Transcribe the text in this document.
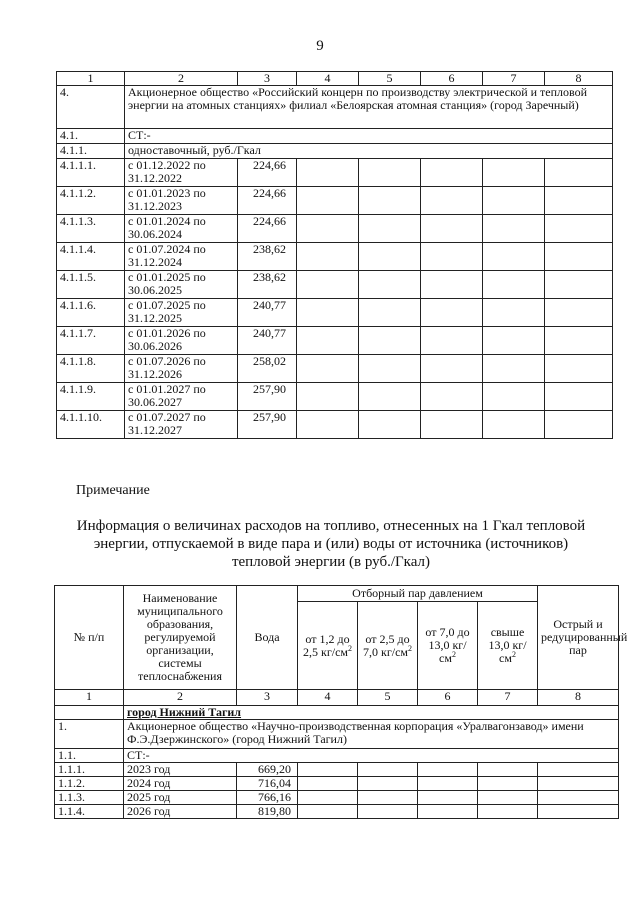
9
1	2	3	4	5	6	7	8
4.	Акционерное общество «Российский концерн по производству электрической и тепловой энергии на атомных станциях» филиал «Белоярская атомная станция» (город Заречный)						
4.1.	СТ:-						
4.1.1.	одноставочный, руб./Гкал						
4.1.1.1.	с 01.12.2022 по 31.12.2022	224,66					
4.1.1.2.	с 01.01.2023 по 31.12.2023	224,66					
4.1.1.3.	с 01.01.2024 по 30.06.2024	224,66					
4.1.1.4.	с 01.07.2024 по 31.12.2024	238,62					
4.1.1.5.	с 01.01.2025 по 30.06.2025	238,62					
4.1.1.6.	с 01.07.2025 по 31.12.2025	240,77					
4.1.1.7.	с 01.01.2026 по 30.06.2026	240,77					
4.1.1.8.	с 01.07.2026 по 31.12.2026	258,02					
4.1.1.9.	с 01.01.2027 по 30.06.2027	257,90					
4.1.1.10.	с 01.07.2027 по 31.12.2027	257,90					
Примечание
Информация о величинах расходов на топливо, отнесенных на 1 Гкал тепловой энергии, отпускаемой в виде пара и (или) воды от источника (источников) тепловой энергии (в руб./Гкал)
№ п/п	Наименование муниципального образования, регулируемой организации, системы теплоснабжения	Вода	Отборный пар давлением				Острый и редуцированный пар
			от 1,2 до 2,5 $кг/см^2$	от 2,5 до 7,0 $кг/см^2$	от 7,0 до 13,0 $кг/см^2$	свыше 13,0 $кг/см^2$
1	2	3	4	5	6	7	8
	город Нижний Тагил						
1.	Акционерное общество «Научно-производственная корпорация «Уралвагонзавод» имени Ф.Э.Дзержинского» (город Нижний Тагил)						
1.1.	СТ:-						
1.1.1.	2023 год	669,20					
1.1.2.	2024 год	716,04					
1.1.3.	2025 год	766,16					
1.1.4.	2026 год	819,80					
